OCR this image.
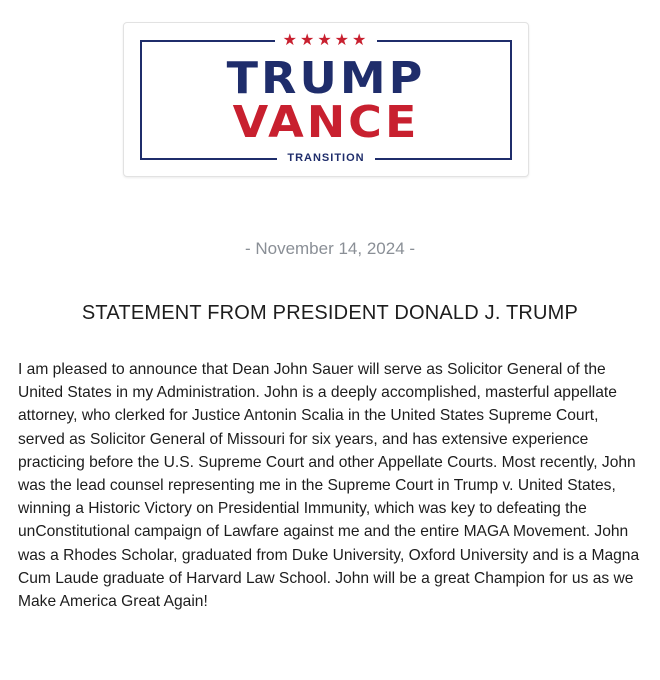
★★★★★
TRUMP
VANCE
TRANSITION
- November 14, 2024 -
STATEMENT FROM PRESIDENT DONALD J. TRUMP

I am pleased to announce that Dean John Sauer will serve as Solicitor General of the United States in my Administration. John is a deeply accomplished, masterful appellate attorney, who clerked for Justice Antonin Scalia in the United States Supreme Court, served as Solicitor General of Missouri for six years, and has extensive experience practicing before the U.S. Supreme Court and other Appellate Courts. Most recently, John was the lead counsel representing me in the Supreme Court in Trump v. United States, winning a Historic Victory on Presidential Immunity, which was key to defeating the unConstitutional campaign of Lawfare against me and the entire MAGA Movement. John was a Rhodes Scholar, graduated from Duke University, Oxford University and is a Magna Cum Laude graduate of Harvard Law School. John will be a great Champion for us as we Make America Great Again!
